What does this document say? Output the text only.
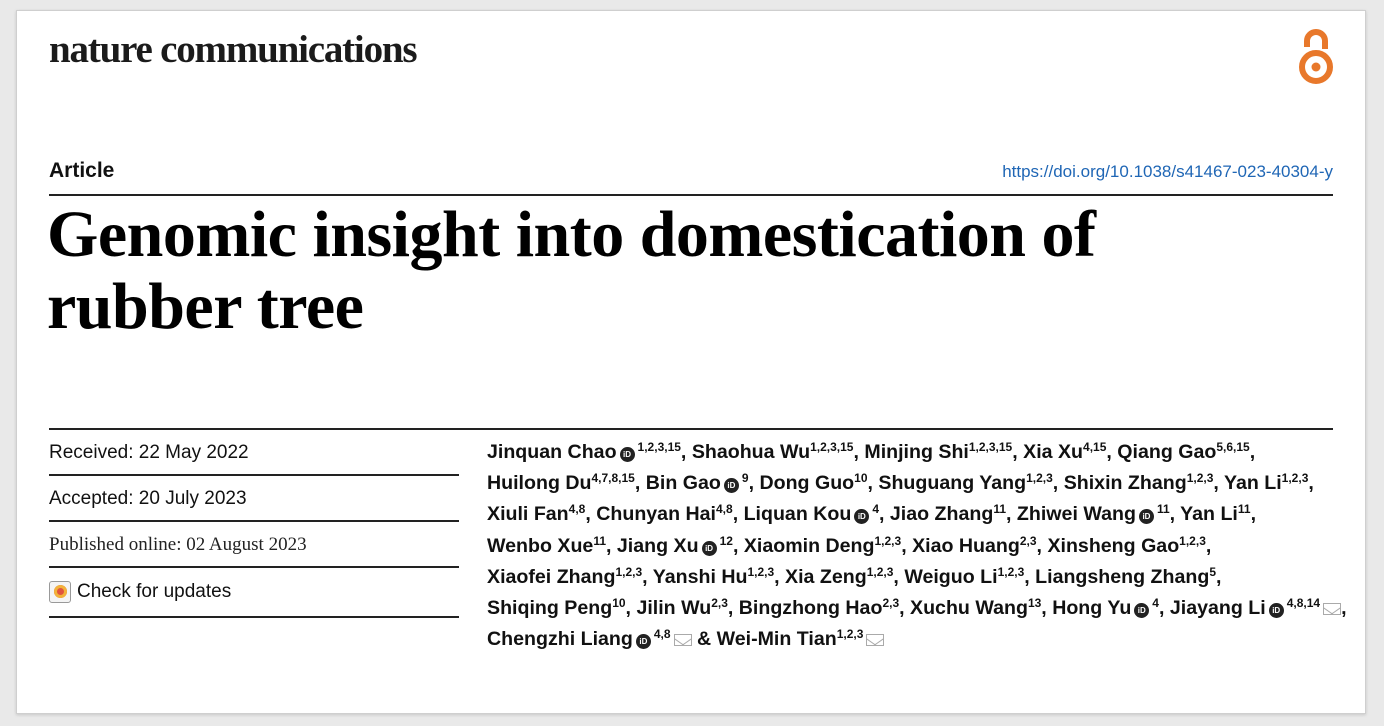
nature communications
Article	https://doi.org/10.1038/s41467-023-40304-y
Genomic insight into domestication of
rubber tree
Received: 22 May 2022
Accepted: 20 July 2023
Published online: 02 August 2023
Check for updates
Jinquan Chao iD$^{1,2,3,15}$, Shaohua Wu$^{1,2,3,15}$, Minjing Shi$^{1,2,3,15}$, Xia Xu$^{4,15}$, Qiang Gao$^{5,6,15}$, Huilong Du$^{4,7,8,15}$, Bin Gao $iD^9$, Dong Guo$^{10}$, Shuguang Yang$^{1,2,3}$, Shixin Zhang$^{1,2,3}$, Yan Li$^{1,2,3}$, Xiuli Fan$^{4,8}$, Chunyan Hai$^{4,8}$, Liquan Kou $iD^4$, Jiao Zhang$^{11}$, Zhiwei Wang $iD^{11}$, Yan Li$^{11}$, Wenbo Xue$^{11}$, Jiang Xu $iD^{12}$, Xiaomin Deng$^{1,2,3}$, Xiao Huang$^{2,3}$, Xinsheng Gao$^{1,2,3}$, Xiaofei Zhang$^{1,2,3}$, Yanshi Hu$^{1,2,3}$, Xia Zeng$^{1,2,3}$, Weiguo Li$^{1,2,3}$, Liangsheng Zhang$^5$, Shiqing Peng$^{10}$, Jilin Wu$^{2,3}$, Bingzhong Hao$^{2,3}$, Xuchu Wang$^{13}$, Hong Yu $iD^4$, Jiayang Li iD$^{4,8,14}$ , Chengzhi Liang iD$^{4,8}$ & Wei-Min Tian$^{1,2,3}$
